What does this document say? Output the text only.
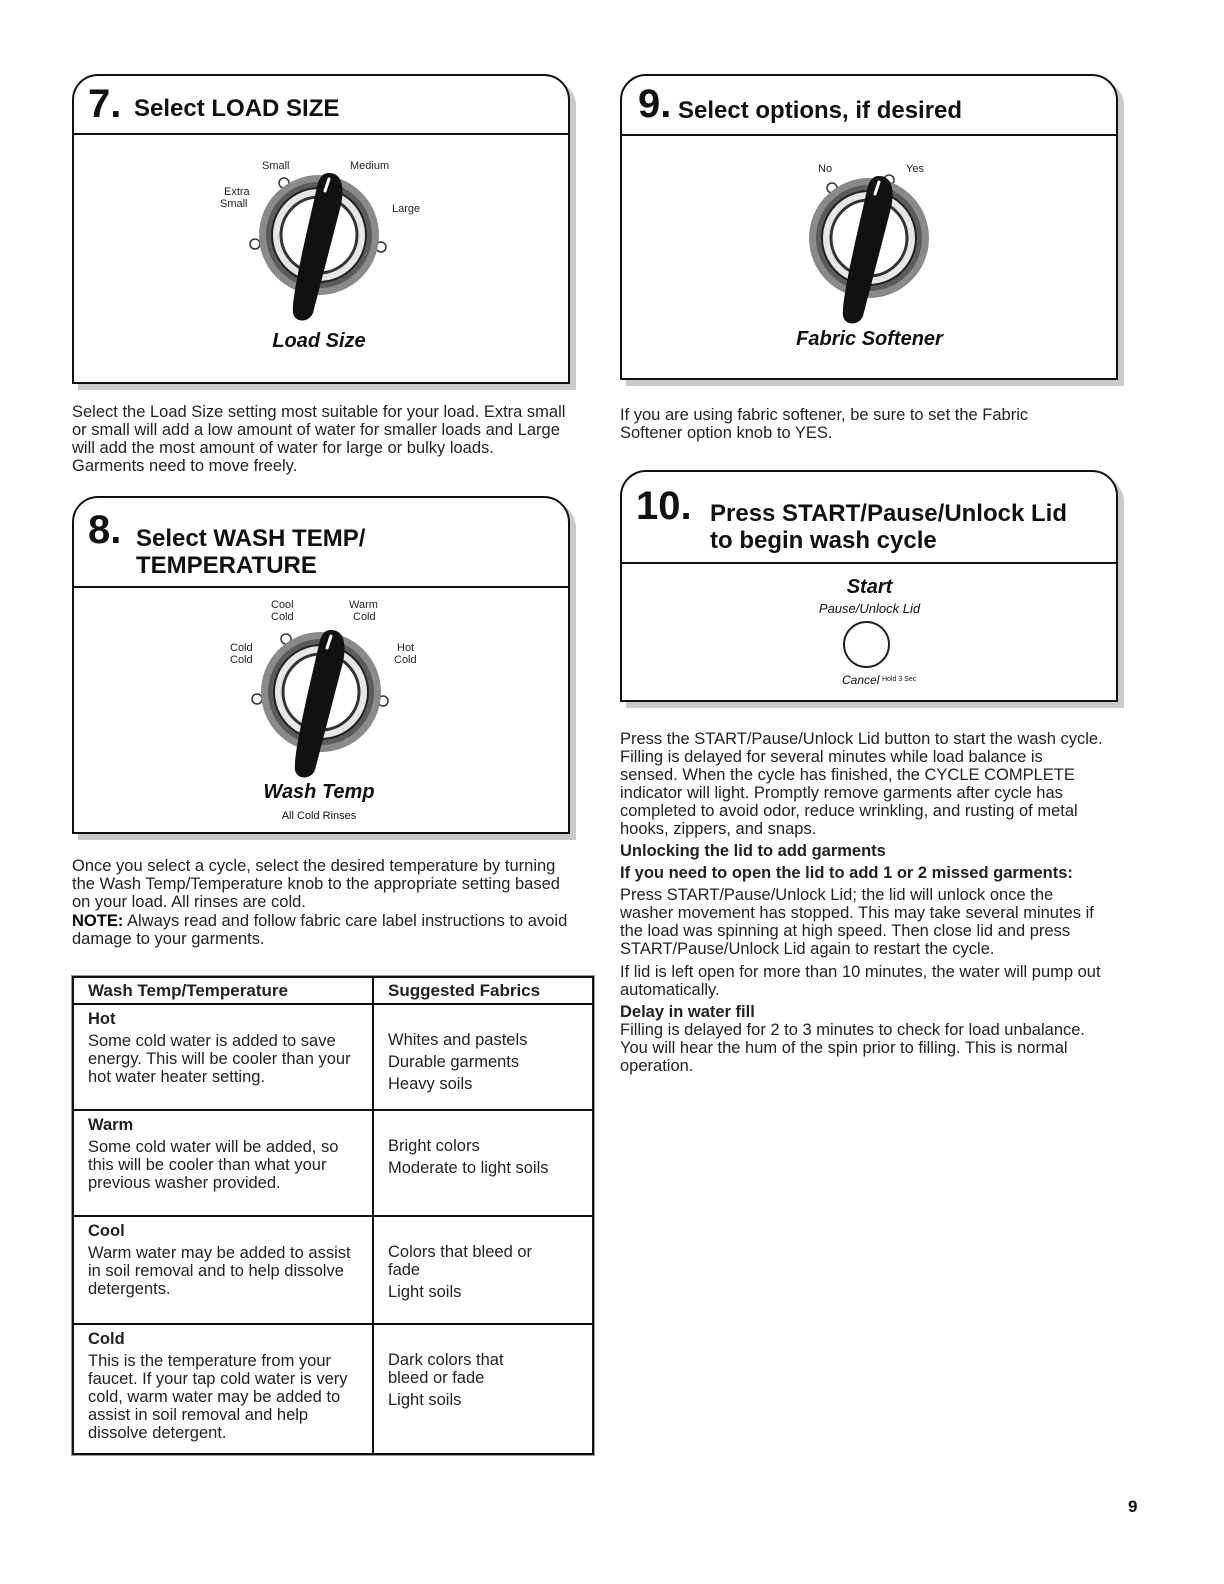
7. Select LOAD SIZE
Small	Medium
Extra
Small	Large
Load Size
Select the Load Size setting most suitable for your load. Extra small or small will add a low amount of water for smaller loads and Large will add the most amount of water for large or bulky loads. Garments need to move freely.
8. Select WASH TEMP/
TEMPERATURE
Cool
Cold
Warm
Cold
Cold
Cold
Hot
Cold
Wash Temp
All Cold Rinses
Once you select a cycle, select the desired temperature by turning the Wash Temp/Temperature knob to the appropriate setting based on your load. All rinses are cold.
NOTE: Always read and follow fabric care label instructions to avoid damage to your garments.
Wash Temp/Temperature	Suggested Fabrics

Hot
Some cold water is added to save energy. This will be cooler than your hot water heater setting.	Whites and pastels
Durable garments
Heavy soils

Warm
Some cold water will be added, so this will be cooler than what your previous washer provided.	Bright colors
Moderate to light soils

Cool
Warm water may be added to assist in soil removal and to help dissolve detergents.	Colors that bleed or fade
Light soils

Cold
This is the temperature from your faucet. If your tap cold water is very cold, warm water may be added to assist in soil removal and help dissolve detergent.	Dark colors that bleed or fade
Light soils
9. Select options, if desired
No	Yes
Fabric Softener
If you are using fabric softener, be sure to set the Fabric Softener option knob to YES.
10. Press START/Pause/Unlock Lid
to begin wash cycle
Start
Pause/Unlock Lid
Cancel Hold 3 Sec
Press the START/Pause/Unlock Lid button to start the wash cycle. Filling is delayed for several minutes while load balance is sensed. When the cycle has finished, the CYCLE COMPLETE indicator will light. Promptly remove garments after cycle has completed to avoid odor, reduce wrinkling, and rusting of metal hooks, zippers, and snaps.
Unlocking the lid to add garments
If you need to open the lid to add 1 or 2 missed garments:
Press START/Pause/Unlock Lid; the lid will unlock once the washer movement has stopped. This may take several minutes if the load was spinning at high speed. Then close lid and press START/Pause/Unlock Lid again to restart the cycle.
If lid is left open for more than 10 minutes, the water will pump out automatically.
Delay in water fill
Filling is delayed for 2 to 3 minutes to check for load unbalance. You will hear the hum of the spin prior to filling. This is normal operation.
9
